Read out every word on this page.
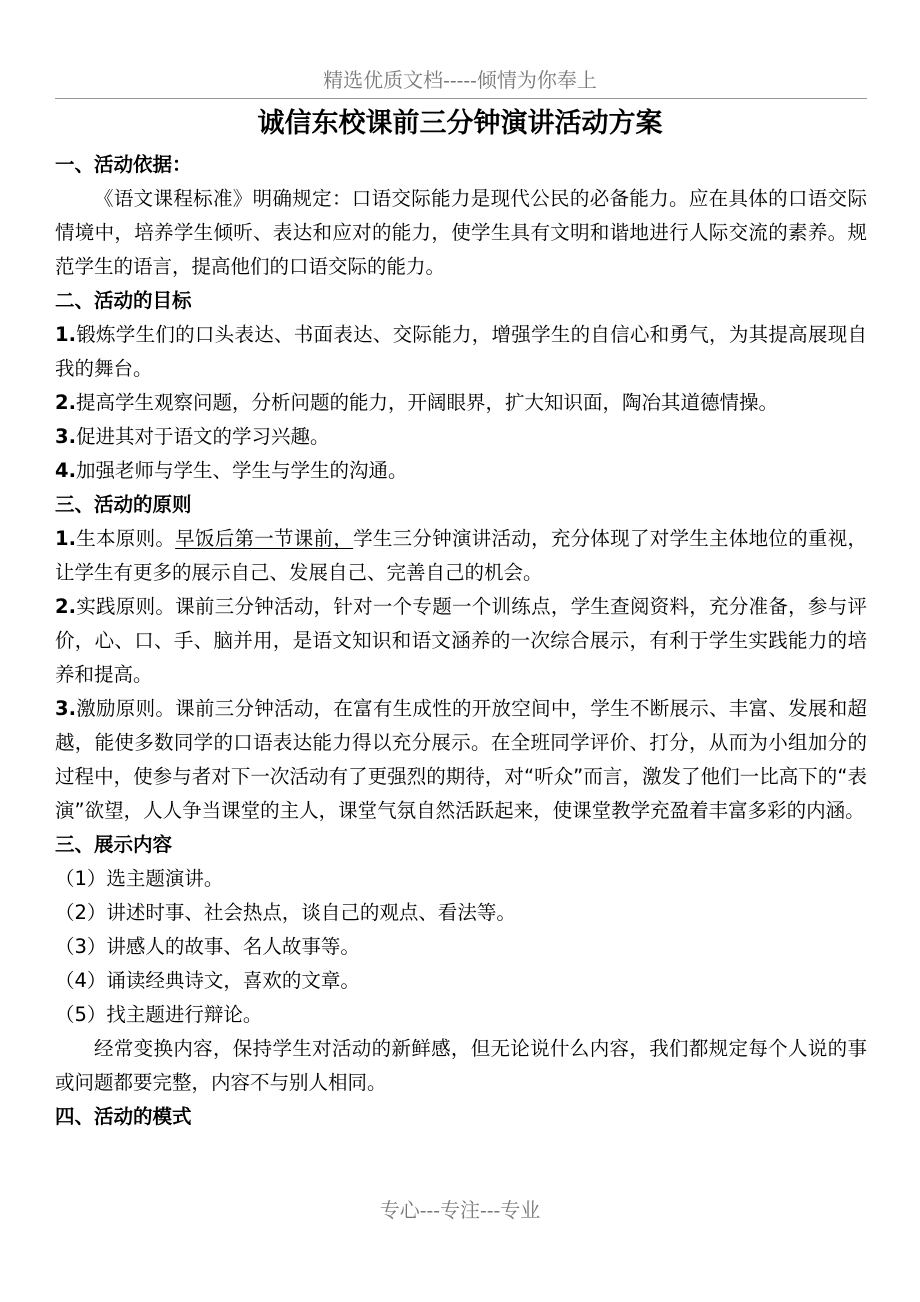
精选优质文档-----倾情为你奉上
诚信东校课前三分钟演讲活动方案

一、活动依据：

《语文课程标准》明确规定：口语交际能力是现代公民的必备能力。应在具体的口语交际情境中，培养学生倾听、表达和应对的能力，使学生具有文明和谐地进行人际交流的素养。规范学生的语言，提高他们的口语交际的能力。

二、活动的目标

1.锻炼学生们的口头表达、书面表达、交际能力，增强学生的自信心和勇气，为其提高展现自我的舞台。

2.提高学生观察问题，分析问题的能力，开阔眼界，扩大知识面，陶冶其道德情操。

3.促进其对于语文的学习兴趣。

4.加强老师与学生、学生与学生的沟通。

三、活动的原则

1.生本原则。早饭后第一节课前，学生三分钟演讲活动，充分体现了对学生主体地位的重视，让学生有更多的展示自己、发展自己、完善自己的机会。

2.实践原则。课前三分钟活动，针对一个专题一个训练点，学生查阅资料，充分准备，参与评价，心、口、手、脑并用，是语文知识和语文涵养的一次综合展示，有利于学生实践能力的培养和提高。

3.激励原则。课前三分钟活动，在富有生成性的开放空间中，学生不断展示、丰富、发展和超越，能使多数同学的口语表达能力得以充分展示。在全班同学评价、打分，从而为小组加分的过程中，使参与者对下一次活动有了更强烈的期待，对“听众”而言，激发了他们一比高下的“表演”欲望，人人争当课堂的主人，课堂气氛自然活跃起来，使课堂教学充盈着丰富多彩的内涵。

三、展示内容

（1）选主题演讲。

（2）讲述时事、社会热点，谈自己的观点、看法等。

（3）讲感人的故事、名人故事等。

（4）诵读经典诗文，喜欢的文章。

（5）找主题进行辩论。

经常变换内容，保持学生对活动的新鲜感，但无论说什么内容，我们都规定每个人说的事或问题都要完整，内容不与别人相同。

四、活动的模式

专心---专注---专业
